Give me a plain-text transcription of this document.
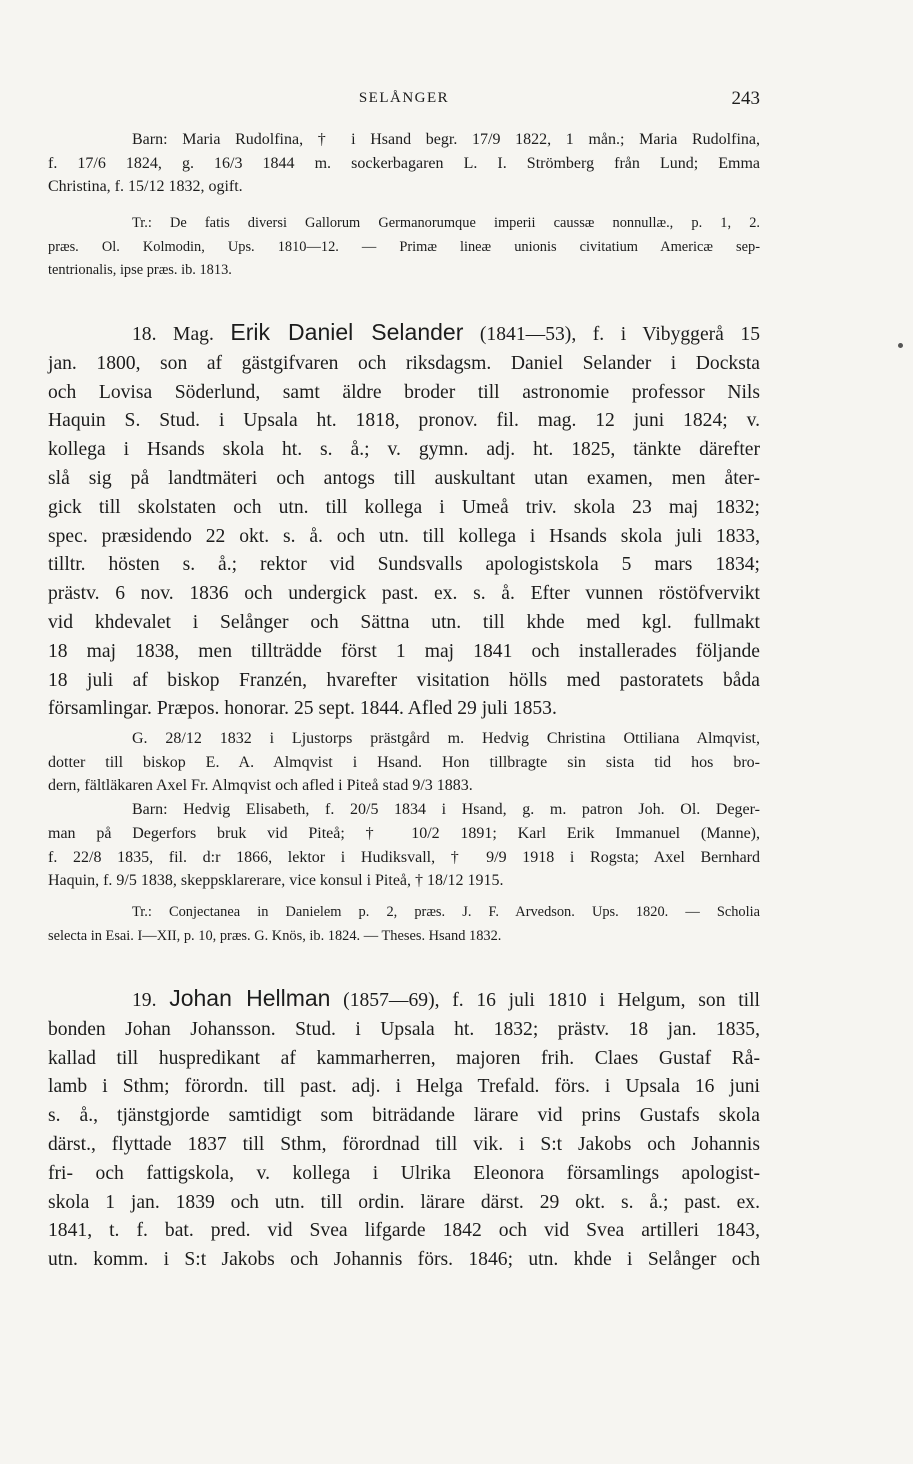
SELÅNGER	243
Barn: Maria Rudolfina, † i Hsand begr. 17/9 1822, 1 mån.; Maria Rudolfina,
f. 17/6 1824, g. 16/3 1844 m. sockerbagaren L. I. Strömberg från Lund; Emma
Christina, f. 15/12 1832, ogift.
Tr.: De fatis diversi Gallorum Germanorumque imperii caussæ nonnullæ., p. 1, 2.
præs. Ol. Kolmodin, Ups. 1810—12. — Primæ lineæ unionis civitatium Americæ sep-
tentrionalis, ipse præs. ib. 1813.
18. Mag. Erik Daniel Selander (1841—53), f. i Vibyggerå 15
jan. 1800, son af gästgifvaren och riksdagsm. Daniel Selander i Docksta
och Lovisa Söderlund, samt äldre broder till astronomie professor Nils
Haquin S. Stud. i Upsala ht. 1818, pronov. fil. mag. 12 juni 1824; v.
kollega i Hsands skola ht. s. å.; v. gymn. adj. ht. 1825, tänkte därefter
slå sig på landtmäteri och antogs till auskultant utan examen, men åter-
gick till skolstaten och utn. till kollega i Umeå triv. skola 23 maj 1832;
spec. præsidendo 22 okt. s. å. och utn. till kollega i Hsands skola juli 1833,
tilltr. hösten s. å.; rektor vid Sundsvalls apologistskola 5 mars 1834;
prästv. 6 nov. 1836 och undergick past. ex. s. å. Efter vunnen röstöfvervikt
vid khdevalet i Selånger och Sättna utn. till khde med kgl. fullmakt
18 maj 1838, men tillträdde först 1 maj 1841 och installerades följande
18 juli af biskop Franzén, hvarefter visitation hölls med pastoratets båda
församlingar. Præpos. honorar. 25 sept. 1844. Afled 29 juli 1853.
G. 28/12 1832 i Ljustorps prästgård m. Hedvig Christina Ottiliana Almqvist,
dotter till biskop E. A. Almqvist i Hsand. Hon tillbragte sin sista tid hos bro-
dern, fältläkaren Axel Fr. Almqvist och afled i Piteå stad 9/3 1883.
Barn: Hedvig Elisabeth, f. 20/5 1834 i Hsand, g. m. patron Joh. Ol. Deger-
man på Degerfors bruk vid Piteå; † 10/2 1891; Karl Erik Immanuel (Manne),
f. 22/8 1835, fil. d:r 1866, lektor i Hudiksvall, † 9/9 1918 i Rogsta; Axel Bernhard
Haquin, f. 9/5 1838, skeppsklarerare, vice konsul i Piteå, † 18/12 1915.
Tr.: Conjectanea in Danielem p. 2, præs. J. F. Arvedson. Ups. 1820. — Scholia
selecta in Esai. I—XII, p. 10, præs. G. Knös, ib. 1824. — Theses. Hsand 1832.
19. Johan Hellman (1857—69), f. 16 juli 1810 i Helgum, son till
bonden Johan Johansson. Stud. i Upsala ht. 1832; prästv. 18 jan. 1835,
kallad till huspredikant af kammarherren, majoren frih. Claes Gustaf Rå-
lamb i Sthm; förordn. till past. adj. i Helga Trefald. förs. i Upsala 16 juni
s. å., tjänstgjorde samtidigt som biträdande lärare vid prins Gustafs skola
därst., flyttade 1837 till Sthm, förordnad till vik. i S:t Jakobs och Johannis
fri- och fattigskola, v. kollega i Ulrika Eleonora församlings apologist-
skola 1 jan. 1839 och utn. till ordin. lärare därst. 29 okt. s. å.; past. ex.
1841, t. f. bat. pred. vid Svea lifgarde 1842 och vid Svea artilleri 1843,
utn. komm. i S:t Jakobs och Johannis förs. 1846; utn. khde i Selånger och
